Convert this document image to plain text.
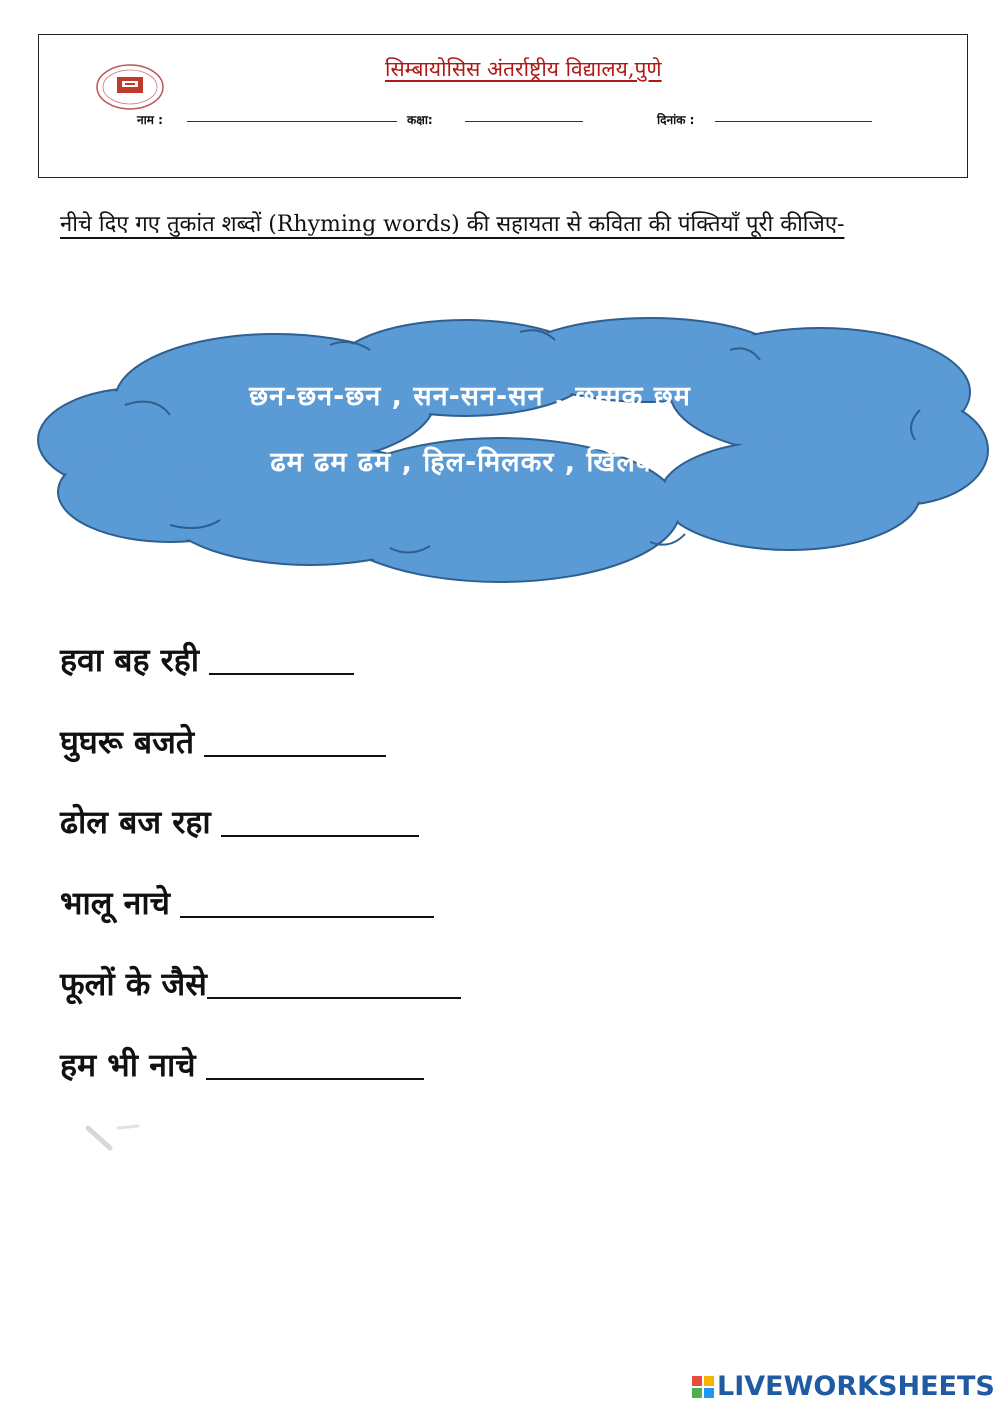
सिम्बायोसिस अंतर्राष्ट्रीय विद्यालय,पुणे
नाम :	कक्षा:	दिनांक :
नीचे दिए गए तुकांत शब्दों (Rhyming words) की सहायता से कविता की पंक्तियाँ पूरी कीजिए-
छन-छन-छन , सन-सन-सन , छम्मक छम
ढम ढम ढम , हिल-मिलकर , खिलकर
हवा बह रही
घुघरू बजते
ढोल बज रहा
भालू नाचे
फूलों के जैसे
हम भी नाचे
LIVEWORKSHEETS
